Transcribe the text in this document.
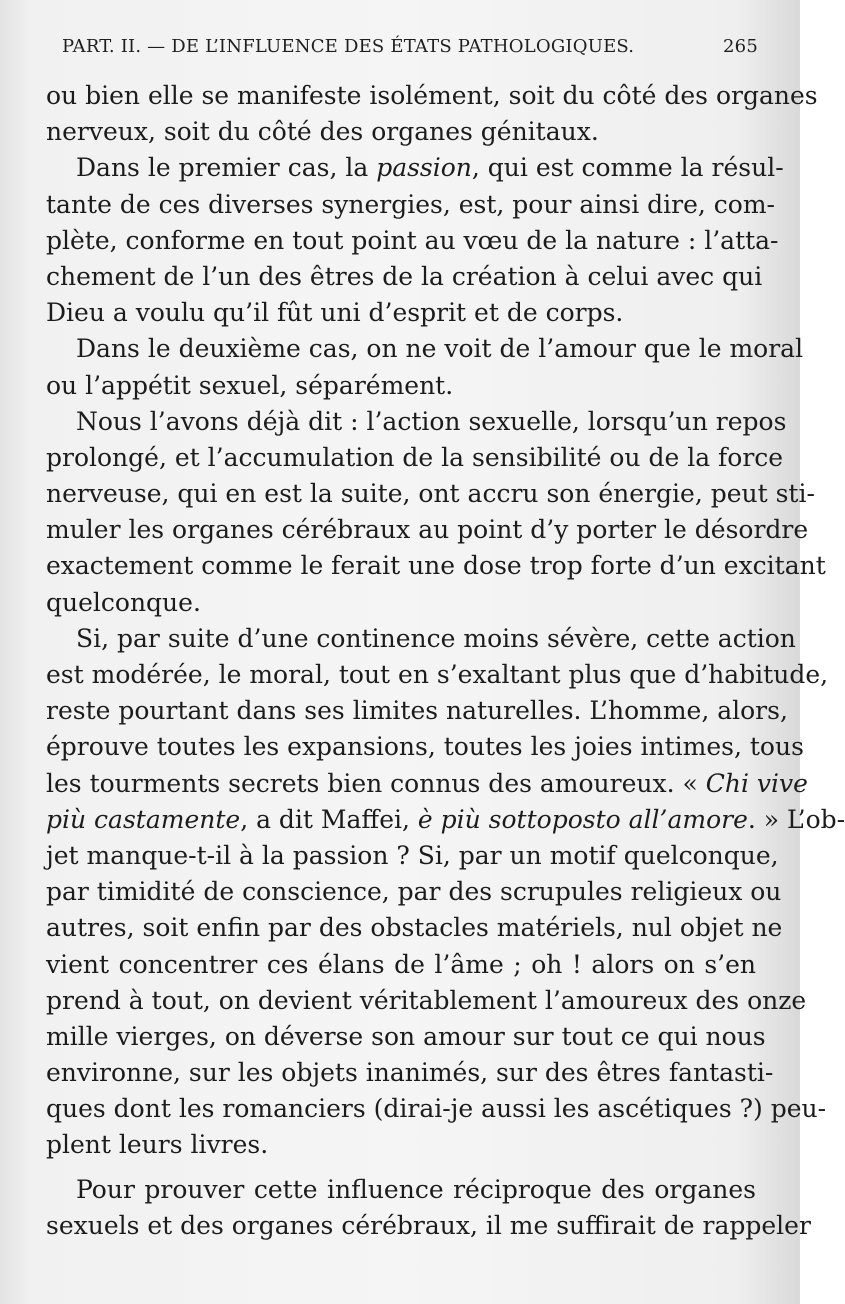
PART. II. — DE L’INFLUENCE DES ÉTATS PATHOLOGIQUES.	265
ou bien elle se manifeste isolément, soit du côté des organes
nerveux, soit du côté des organes génitaux.
Dans le premier cas, la passion, qui est comme la résul-
tante de ces diverses synergies, est, pour ainsi dire, com-
plète, conforme en tout point au vœu de la nature : l’atta-
chement de l’un des êtres de la création à celui avec qui
Dieu a voulu qu’il fût uni d’esprit et de corps.
Dans le deuxième cas, on ne voit de l’amour que le moral
ou l’appétit sexuel, séparément.
Nous l’avons déjà dit : l’action sexuelle, lorsqu’un repos
prolongé, et l’accumulation de la sensibilité ou de la force
nerveuse, qui en est la suite, ont accru son énergie, peut sti-
muler les organes cérébraux au point d’y porter le désordre
exactement comme le ferait une dose trop forte d’un excitant
quelconque.
Si, par suite d’une continence moins sévère, cette action
est modérée, le moral, tout en s’exaltant plus que d’habitude,
reste pourtant dans ses limites naturelles. L’homme, alors,
éprouve toutes les expansions, toutes les joies intimes, tous
les tourments secrets bien connus des amoureux. « Chi vive
più castamente, a dit Maffei, è più sottoposto all’amore. » L’ob-
jet manque-t-il à la passion ? Si, par un motif quelconque,
par timidité de conscience, par des scrupules religieux ou
autres, soit enfin par des obstacles matériels, nul objet ne
vient concentrer ces élans de l’âme ; oh ! alors on s’en
prend à tout, on devient véritablement l’amoureux des onze
mille vierges, on déverse son amour sur tout ce qui nous
environne, sur les objets inanimés, sur des êtres fantasti-
ques dont les romanciers (dirai-je aussi les ascétiques ?) peu-
plent leurs livres.
Pour prouver cette influence réciproque des organes
sexuels et des organes cérébraux, il me suffirait de rappeler
